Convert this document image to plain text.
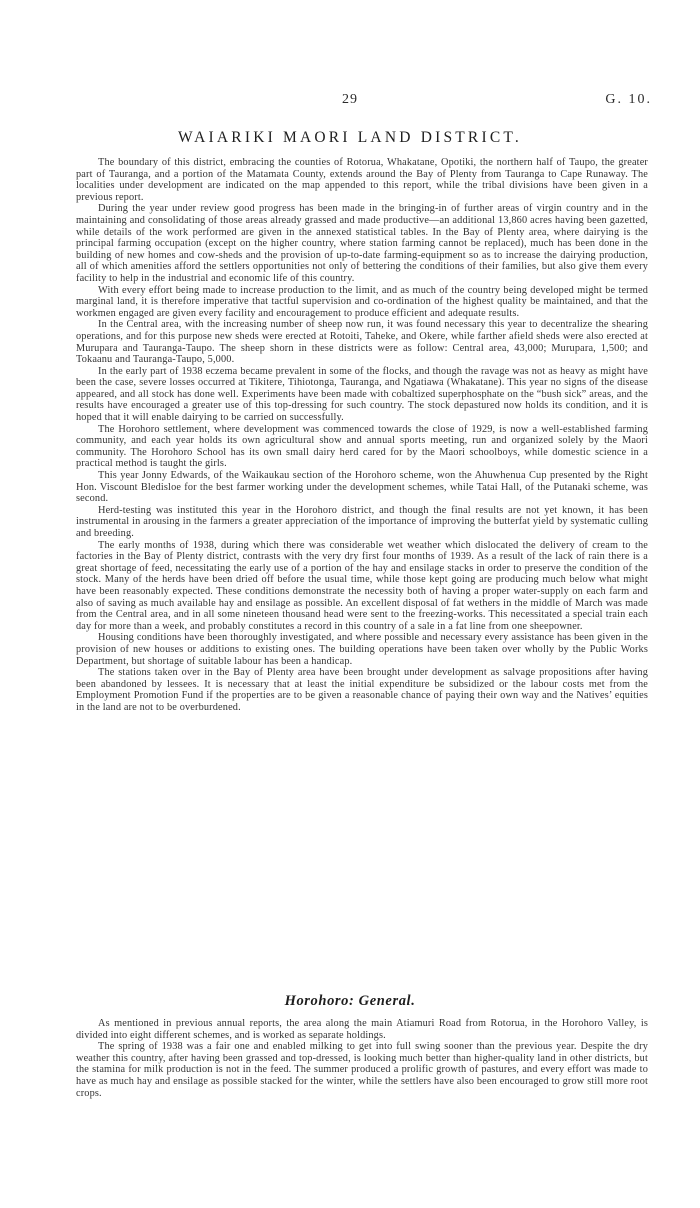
29	G. 10.
WAIARIKI MAORI LAND DISTRICT.

The boundary of this district, embracing the counties of Rotorua, Whakatane, Opotiki, the northern half of Taupo, the greater part of Tauranga, and a portion of the Matamata County, extends around the Bay of Plenty from Tauranga to Cape Runaway. The localities under development are indicated on the map appended to this report, while the tribal divisions have been given in a previous report.

During the year under review good progress has been made in the bringing-in of further areas of virgin country and in the maintaining and consolidating of those areas already grassed and made productive—an additional 13,860 acres having been gazetted, while details of the work performed are given in the annexed statistical tables. In the Bay of Plenty area, where dairying is the principal farming occupation (except on the higher country, where station farming cannot be replaced), much has been done in the building of new homes and cow-sheds and the provision of up-to-date farming-equipment so as to increase the dairying production, all of which amenities afford the settlers opportunities not only of bettering the conditions of their families, but also give them every facility to help in the industrial and economic life of this country.

With every effort being made to increase production to the limit, and as much of the country being developed might be termed marginal land, it is therefore imperative that tactful supervision and co-ordination of the highest quality be maintained, and that the workmen engaged are given every facility and encouragement to produce efficient and adequate results.

In the Central area, with the increasing number of sheep now run, it was found necessary this year to decentralize the shearing operations, and for this purpose new sheds were erected at Rotoiti, Taheke, and Okere, while farther afield sheds were also erected at Murupara and Tauranga-Taupo. The sheep shorn in these districts were as follow: Central area, 43,000; Murupara, 1,500; and Tokaanu and Tauranga-Taupo, 5,000.

In the early part of 1938 eczema became prevalent in some of the flocks, and though the ravage was not as heavy as might have been the case, severe losses occurred at Tikitere, Tihiotonga, Tauranga, and Ngatiawa (Whakatane). This year no signs of the disease appeared, and all stock has done well. Experiments have been made with cobaltized superphosphate on the “bush sick” areas, and the results have encouraged a greater use of this top-dressing for such country. The stock depastured now holds its condition, and it is hoped that it will enable dairying to be carried on successfully.

The Horohoro settlement, where development was commenced towards the close of 1929, is now a well-established farming community, and each year holds its own agricultural show and annual sports meeting, run and organized solely by the Maori community. The Horohoro School has its own small dairy herd cared for by the Maori schoolboys, while domestic science in a practical method is taught the girls.

This year Jonny Edwards, of the Waikaukau section of the Horohoro scheme, won the Ahuwhenua Cup presented by the Right Hon. Viscount Bledisloe for the best farmer working under the development schemes, while Tatai Hall, of the Putanaki scheme, was second.

Herd-testing was instituted this year in the Horohoro district, and though the final results are not yet known, it has been instrumental in arousing in the farmers a greater appreciation of the importance of improving the butterfat yield by systematic culling and breeding.

The early months of 1938, during which there was considerable wet weather which dislocated the delivery of cream to the factories in the Bay of Plenty district, contrasts with the very dry first four months of 1939. As a result of the lack of rain there is a great shortage of feed, necessitating the early use of a portion of the hay and ensilage stacks in order to preserve the condition of the stock. Many of the herds have been dried off before the usual time, while those kept going are producing much below what might have been reasonably expected. These conditions demonstrate the necessity both of having a proper water-supply on each farm and also of saving as much available hay and ensilage as possible. An excellent disposal of fat wethers in the middle of March was made from the Central area, and in all some nineteen thousand head were sent to the freezing-works. This necessitated a special train each day for more than a week, and probably constitutes a record in this country of a sale in a fat line from one sheepowner.

Housing conditions have been thoroughly investigated, and where possible and necessary every assistance has been given in the provision of new houses or additions to existing ones. The building operations have been taken over wholly by the Public Works Department, but shortage of suitable labour has been a handicap.

The stations taken over in the Bay of Plenty area have been brought under development as salvage propositions after having been abandoned by lessees. It is necessary that at least the initial expenditure be subsidized or the labour costs met from the Employment Promotion Fund if the properties are to be given a reasonable chance of paying their own way and the Natives’ equities in the land are not to be overburdened.

Horohoro: General.

As mentioned in previous annual reports, the area along the main Atiamuri Road from Rotorua, in the Horohoro Valley, is divided into eight different schemes, and is worked as separate holdings.

The spring of 1938 was a fair one and enabled milking to get into full swing sooner than the previous year. Despite the dry weather this country, after having been grassed and top-dressed, is looking much better than higher-quality land in other districts, but the stamina for milk production is not in the feed. The summer produced a prolific growth of pastures, and every effort was made to have as much hay and ensilage as possible stacked for the winter, while the settlers have also been encouraged to grow still more root crops.
